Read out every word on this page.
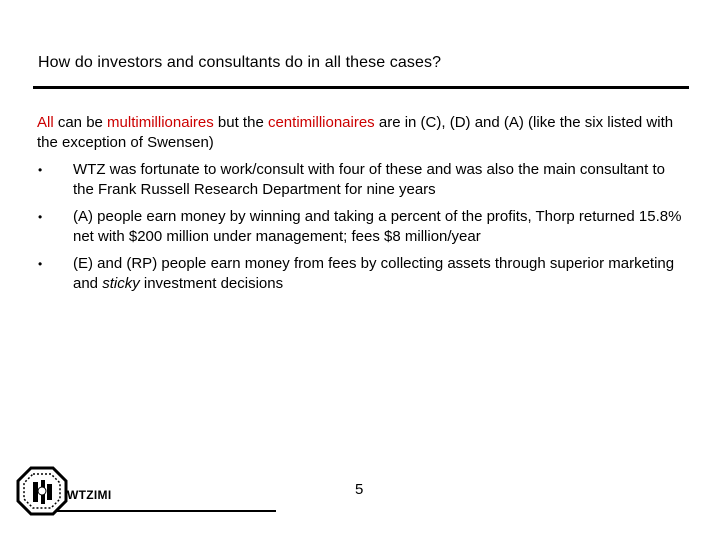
How do investors and consultants do in all these cases?
All can be multimillionaires but the centimillionaires are in (C), (D) and (A) (like the six listed with the exception of Swensen)
• WTZ was fortunate to work/consult with four of these and was also the main consultant to the Frank Russell Research Department for nine years
• (A) people earn money by winning and taking a percent of the profits, Thorp returned 15.8% net with $200 million under management; fees $8 million/year
• (E) and (RP) people earn money from fees by collecting assets through superior marketing and sticky investment decisions
WTZIMI	5
